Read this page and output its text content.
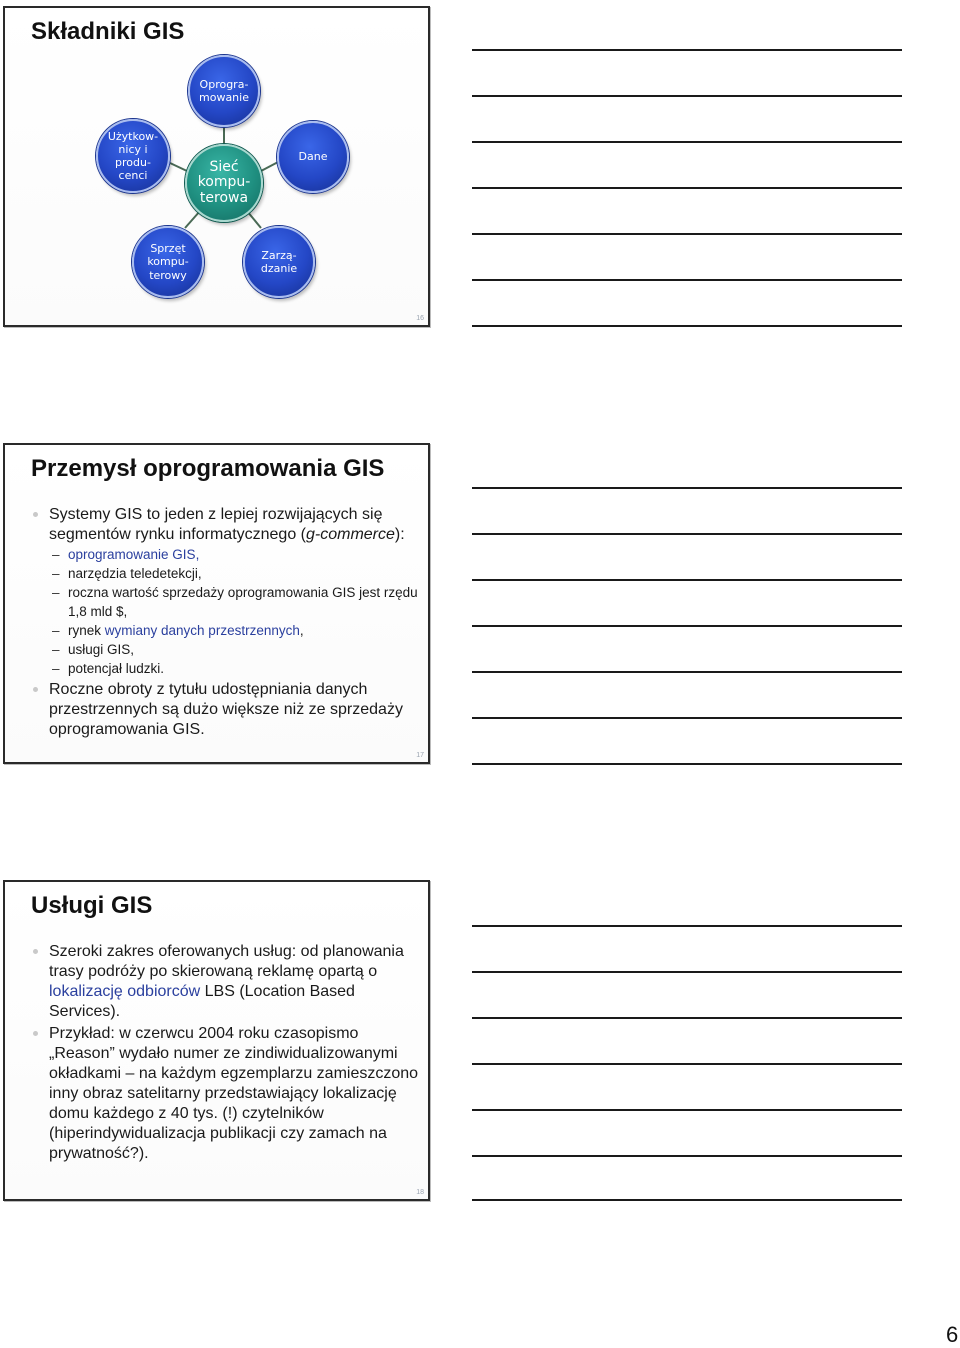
Składniki GIS
Oprogra-
mowanie
Użytkow-
nicy i
produ-
cenci
Dane
Sieć
kompu-
terowa
Sprzęt
kompu-
terowy
Zarzą-
dzanie
16
Przemysł oprogramowania GIS
Systemy GIS to jeden z lepiej rozwijających się segmentów rynku informatycznego (g-commerce):
– oprogramowanie GIS,
– narzędzia teledetekcji,
– roczna wartość sprzedaży oprogramowania GIS jest rzędu 1,8 mld $,
– rynek wymiany danych przestrzennych,
– usługi GIS,
– potencjał ludzki.
Roczne obroty z tytułu udostępniania danych przestrzennych są dużo większe niż ze sprzedaży oprogramowania GIS.
17
Usługi GIS
Szeroki zakres oferowanych usług: od planowania trasy podróży po skierowaną reklamę opartą o lokalizację odbiorców LBS (Location Based Services).
Przykład: w czerwcu 2004 roku czasopismo „Reason” wydało numer ze zindiwidualizowanymi okładkami – na każdym egzemplarzu zamieszczono inny obraz satelitarny przedstawiający lokalizację domu każdego z 40 tys. (!) czytelników (hiperindywidualizacja publikacji czy zamach na prywatność?).
18
6
